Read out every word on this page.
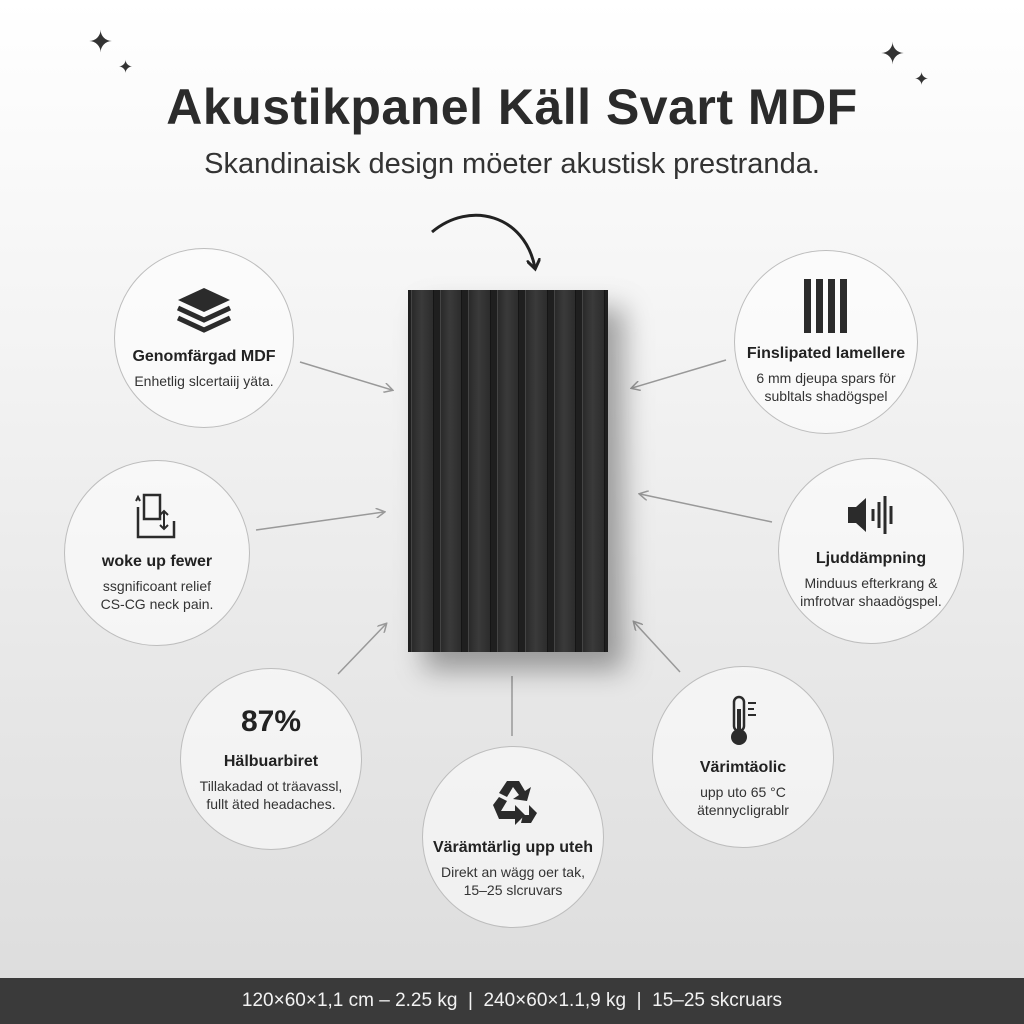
✦
✦	✦
✦
Akustikpanel Käll Svart MDF
Skandinaisk design möeter akustisk prestranda.
Genomfärgad MDF
Enhetlig slcertaiij yäta.
Finslipated lamellere
6 mm djeupa spars för
subltals shadögspel
woke up fewer
ssgnificoant relief
CS-CG neck pain.
Ljuddämpning
Minduus efterkrang &
imfrotvar shaadögspel.
87%
Hälbuarbiret
Tillakadad ot träavassl,
fullt äted headaches.
Värimtäolic
upp uto 65 °C
ätennycIigrablr
Värämtärlig upp uteh
Direkt an wägg oer tak,
15–25 slcruvars
120×60×1,1 cm – 2.25 kg  |  240×60×1.1,9 kg  |  15–25 skcruars
